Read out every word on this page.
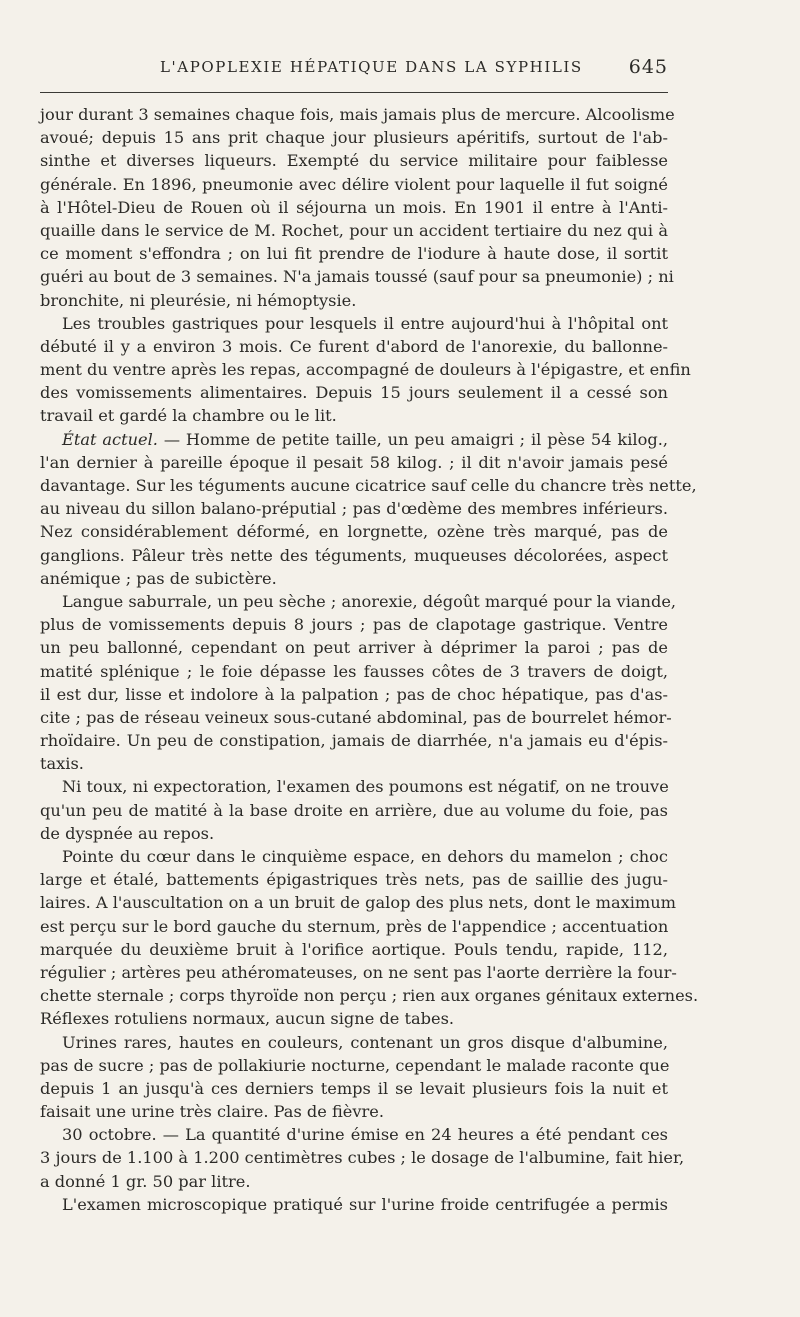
L'APOPLEXIE HÉPATIQUE DANS LA SYPHILIS 645
jour durant 3 semaines chaque fois, mais jamais plus de mercure. Alcoolisme
avoué; depuis 15 ans prit chaque jour plusieurs apéritifs, surtout de l'ab-
sinthe et diverses liqueurs. Exempté du service militaire pour faiblesse
générale. En 1896, pneumonie avec délire violent pour laquelle il fut soigné
à l'Hôtel-Dieu de Rouen où il séjourna un mois. En 1901 il entre à l'Anti-
quaille dans le service de M. Rochet, pour un accident tertiaire du nez qui à
ce moment s'effondra ; on lui fit prendre de l'iodure à haute dose, il sortit
guéri au bout de 3 semaines. N'a jamais toussé (sauf pour sa pneumonie) ; ni
bronchite, ni pleurésie, ni hémoptysie.
Les troubles gastriques pour lesquels il entre aujourd'hui à l'hôpital ont
débuté il y a environ 3 mois. Ce furent d'abord de l'anorexie, du ballonne-
ment du ventre après les repas, accompagné de douleurs à l'épigastre, et enfin
des vomissements alimentaires. Depuis 15 jours seulement il a cessé son
travail et gardé la chambre ou le lit.
État actuel. — Homme de petite taille, un peu amaigri ; il pèse 54 kilog.,
l'an dernier à pareille époque il pesait 58 kilog. ; il dit n'avoir jamais pesé
davantage. Sur les téguments aucune cicatrice sauf celle du chancre très nette,
au niveau du sillon balano-préputial ; pas d'œdème des membres inférieurs.
Nez considérablement déformé, en lorgnette, ozène très marqué, pas de
ganglions. Pâleur très nette des téguments, muqueuses décolorées, aspect
anémique ; pas de subictère.
Langue saburrale, un peu sèche ; anorexie, dégoût marqué pour la viande,
plus de vomissements depuis 8 jours ; pas de clapotage gastrique. Ventre
un peu ballonné, cependant on peut arriver à déprimer la paroi ; pas de
matité splénique ; le foie dépasse les fausses côtes de 3 travers de doigt,
il est dur, lisse et indolore à la palpation ; pas de choc hépatique, pas d'as-
cite ; pas de réseau veineux sous-cutané abdominal, pas de bourrelet hémor-
rhoïdaire. Un peu de constipation, jamais de diarrhée, n'a jamais eu d'épis-
taxis.
Ni toux, ni expectoration, l'examen des poumons est négatif, on ne trouve
qu'un peu de matité à la base droite en arrière, due au volume du foie, pas
de dyspnée au repos.
Pointe du cœur dans le cinquième espace, en dehors du mamelon ; choc
large et étalé, battements épigastriques très nets, pas de saillie des jugu-
laires. A l'auscultation on a un bruit de galop des plus nets, dont le maximum
est perçu sur le bord gauche du sternum, près de l'appendice ; accentuation
marquée du deuxième bruit à l'orifice aortique. Pouls tendu, rapide, 112,
régulier ; artères peu athéromateuses, on ne sent pas l'aorte derrière la four-
chette sternale ; corps thyroïde non perçu ; rien aux organes génitaux externes.
Réflexes rotuliens normaux, aucun signe de tabes.
Urines rares, hautes en couleurs, contenant un gros disque d'albumine,
pas de sucre ; pas de pollakiurie nocturne, cependant le malade raconte que
depuis 1 an jusqu'à ces derniers temps il se levait plusieurs fois la nuit et
faisait une urine très claire. Pas de fièvre.
30 octobre. — La quantité d'urine émise en 24 heures a été pendant ces
3 jours de 1.100 à 1.200 centimètres cubes ; le dosage de l'albumine, fait hier,
a donné 1 gr. 50 par litre.
L'examen microscopique pratiqué sur l'urine froide centrifugée a permis
